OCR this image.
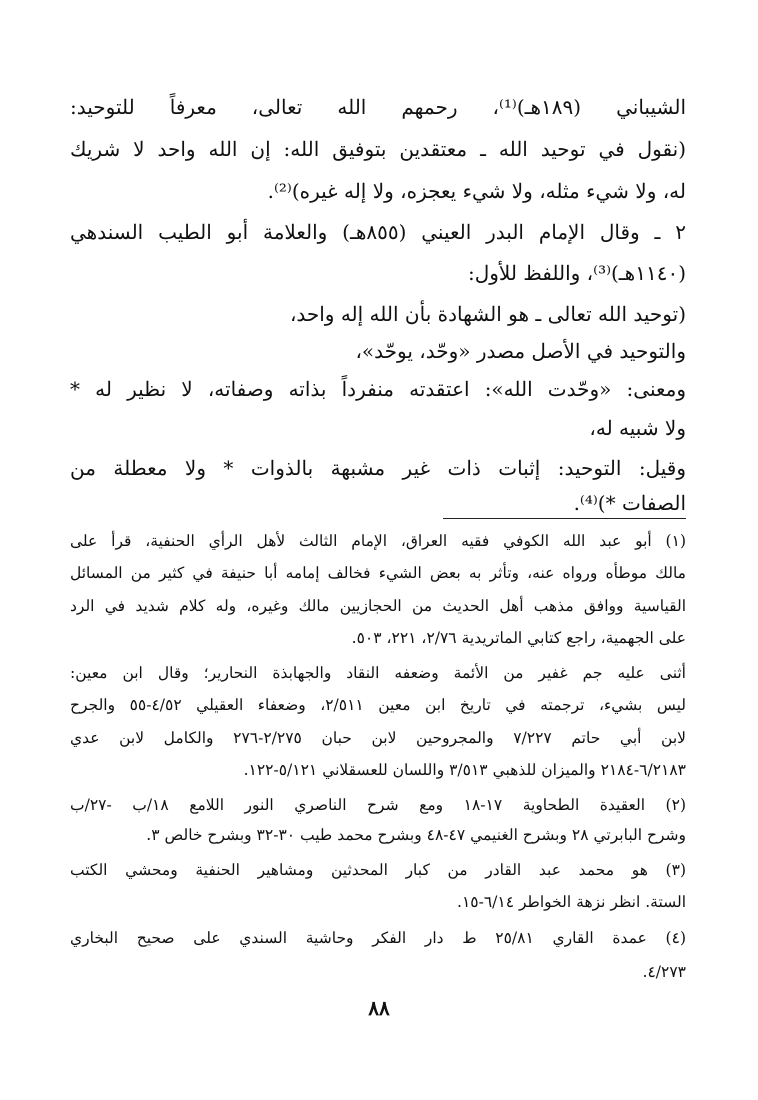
الشيباني (١٨٩هـ)⁽¹⁾، رحمهم الله تعالى، معرفاً للتوحيد:
(نقول في توحيد الله ـ معتقدين بتوفيق الله: إن الله واحد لا شريك
له، ولا شيء مثله، ولا شيء يعجزه، ولا إله غيره)⁽²⁾.
٢ ـ وقال الإمام البدر العيني (٨٥٥هـ) والعلامة أبو الطيب السندهي
(١١٤٠هـ)⁽³⁾، واللفظ للأول:
(توحيد الله تعالى ـ هو الشهادة بأن الله إله واحد،
والتوحيد في الأصل مصدر «وحّد، يوحّد»،
ومعنى: «وحّدت الله»: اعتقدته منفرداً بذاته وصفاته، لا نظير له *
ولا شبيه له،
وقيل: التوحيد: إثبات ذات غير مشبهة بالذوات * ولا معطلة من
الصفات *)⁽⁴⁾.
(١) أبو عبد الله الكوفي فقيه العراق، الإمام الثالث لأهل الرأي الحنفية، قرأ على
مالك موطأه ورواه عنه، وتأثر به بعض الشيء فخالف إمامه أبا حنيفة في كثير من المسائل
القياسية ووافق مذهب أهل الحديث من الحجازيين مالك وغيره، وله كلام شديد في الرد
على الجهمية، راجع كتابي الماتريدية ٢/٧٦، ٢٢١، ٥٠٣.
أثنى عليه جم غفير من الأئمة وضعفه النقاد والجهابذة النحارير؛ وقال ابن معين:
ليس بشيء، ترجمته في تاريخ ابن معين ٢/٥١١، وضعفاء العقيلي ٤/٥٢-٥٥ والجرح
لابن أبي حاتم ٧/٢٢٧ والمجروحين لابن حبان ٢/٢٧٥-٢٧٦ والكامل لابن عدي
٦/٢١٨٣-٢١٨٤ والميزان للذهبي ٣/٥١٣ واللسان للعسقلاني ٥/١٢١-١٢٢.
(٢) العقيدة الطحاوية ١٧-١٨ ومع شرح الناصري النور اللامع ١٨/ب -٢٧/ب
وشرح البابرتي ٢٨ وبشرح الغنيمي ٤٧-٤٨ وبشرح محمد طيب ٣٠-٣٢ وبشرح خالص ٣.
(٣) هو محمد عبد القادر من كبار المحدثين ومشاهير الحنفية ومحشي الكتب
الستة. انظر نزهة الخواطر ٦/١٤-١٥.
(٤) عمدة القاري ٢٥/٨١ ط دار الفكر وحاشية السندي على صحيح البخاري
٤/٢٧٣.
٨٨
